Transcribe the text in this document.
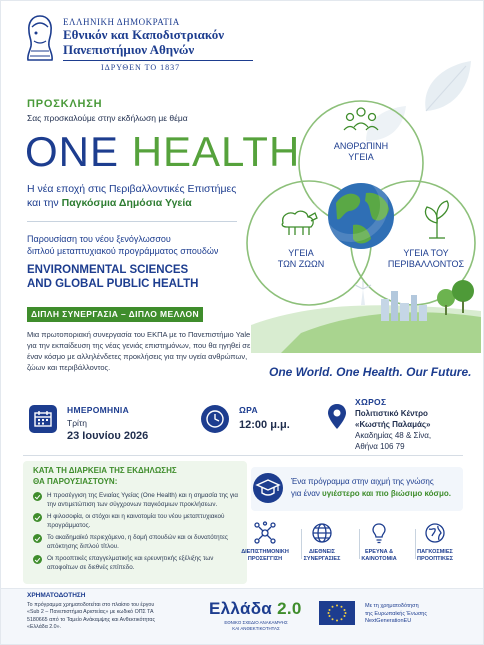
ΕΛΛΗΝΙΚΗ ΔΗΜΟΚΡΑΤΙΑ
Εθνικόν και Καποδιστριακόν
Πανεπιστήμιον Αθηνών
ΙΔΡΥΘΕΝ ΤΟ 1837
ΠΡΟΣΚΛΗΣΗ
Σας προσκαλούμε στην εκδήλωση με θέμα
ONE HEALTH
Η νέα εποχή στις Περιβαλλοντικές Επιστήμες
και την Παγκόσμια Δημόσια Υγεία
Παρουσίαση του νέου ξενόγλωσσου
διπλού μεταπτυχιακού προγράμματος σπουδών
ENVIRONMENTAL SCIENCES
AND GLOBAL PUBLIC HEALTH
ΔΙΠΛΗ ΣΥΝΕΡΓΑΣΙΑ – ΔΙΠΛΟ ΜΕΛΛΟΝ
Μια πρωτοποριακή συνεργασία του ΕΚΠΑ με το Πανεπιστήμιο Yale για την εκπαίδευση της νέας γενιάς επιστημόνων, που θα ηγηθεί σε έναν κόσμο με αλληλένδετες προκλήσεις για την υγεία ανθρώπων, ζώων και περιβάλλοντος.
ΑΝΘΡΩΠΙΝΗ
ΥΓΕΙΑ
ΥΓΕΙΑ
ΤΩΝ ΖΩΩΝ
ΥΓΕΙΑ ΤΟΥ
ΠΕΡΙΒΑΛΛΟΝΤΟΣ
One World. One Health. Our Future.
ΗΜΕΡΟΜΗΝΙΑ
Τρίτη
23 Ιουνίου 2026
ΩΡΑ
12:00 μ.μ.
ΧΩΡΟΣ
Πολιτιστικό Κέντρο
«Κωστής Παλαμάς»
Ακαδημίας 48 & Σίνα,
Αθήνα 106 79
ΚΑΤΑ ΤΗ ΔΙΑΡΚΕΙΑ ΤΗΣ ΕΚΔΗΛΩΣΗΣ
ΘΑ ΠΑΡΟΥΣΙΑΣΤΟΥΝ:
Η προσέγγιση της Ενιαίας Υγείας (One Health) και η σημασία της για την αντιμετώπιση των σύγχρονων παγκόσμιων προκλήσεων.
Η φιλοσοφία, οι στόχοι και η καινοτομία του νέου μεταπτυχιακού προγράμματος.
Το ακαδημαϊκό περιεχόμενο, η δομή σπουδών και οι δυνατότητες απόκτησης διπλού τίτλου.
Οι προοπτικές επαγγελματικής και ερευνητικής εξέλιξης των αποφοίτων σε διεθνές επίπεδο.
Ένα πρόγραμμα στην αιχμή της γνώσης
για έναν υγιέστερο και πιο βιώσιμο κόσμο.
ΔΙΕΠΙΣΤΗΜΟΝΙΚΗ
ΠΡΟΣΕΓΓΙΣΗ
ΔΙΕΘΝΕΙΣ
ΣΥΝΕΡΓΑΣΙΕΣ
ΕΡΕΥΝΑ &
ΚΑΙΝΟΤΟΜΙΑ
ΠΑΓΚΟΣΜΙΕΣ
ΠΡΟΟΠΤΙΚΕΣ
ΧΡΗΜΑΤΟΔΟΤΗΣΗ
Το πρόγραμμα χρηματοδοτείται στο πλαίσιο του έργου «Sub 2 – Πανεπιστήμια Αριστείας» με κωδικό ΟΠΣ ΤΑ 5180665 από το Ταμείο Ανάκαμψης και Ανθεκτικότητας «Ελλάδα 2.0».
Ελλάδα 2.0
ΕΘΝΙΚΟ ΣΧΕΔΙΟ ΑΝΑΚΑΜΨΗΣ
ΚΑΙ ΑΝΘΕΚΤΙΚΟΤΗΤΑΣ
Με τη χρηματοδότηση
της Ευρωπαϊκής Ένωσης
NextGenerationEU
